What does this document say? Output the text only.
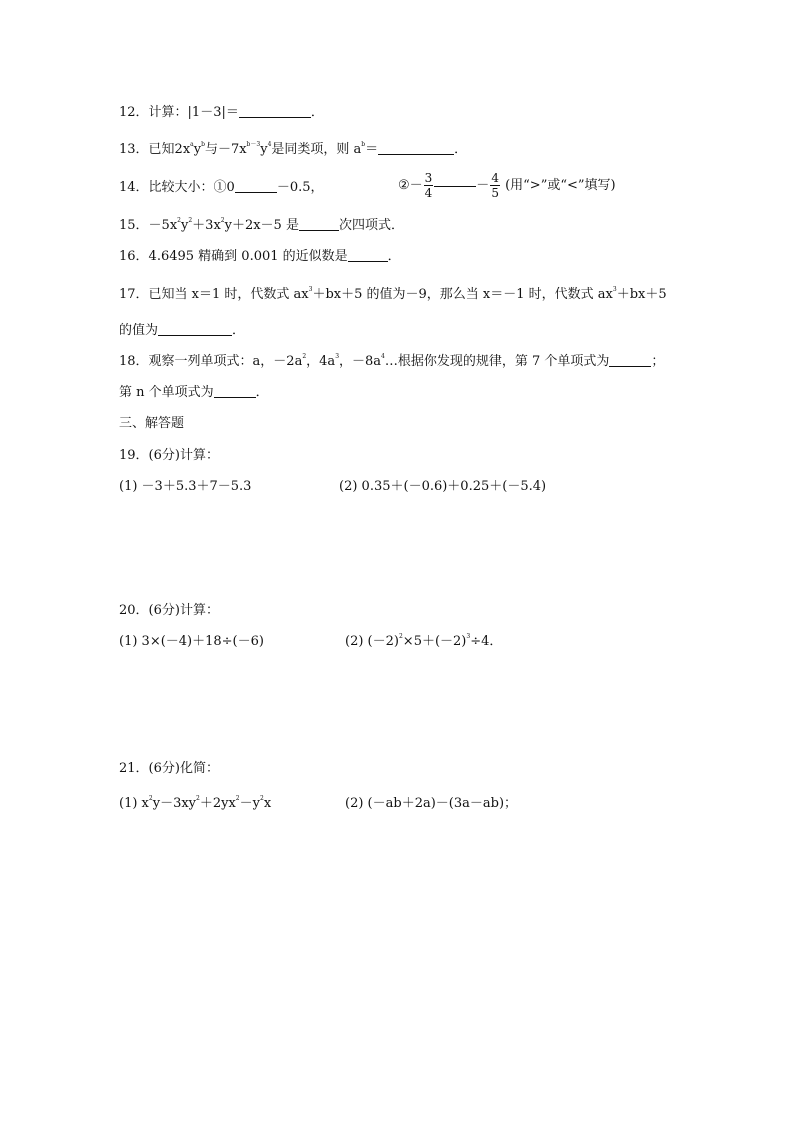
12．计算：|1－3|＝	．
13．已知$2x^ay^b$与$-7x^{b-3}y^4$是同类项，则 $a^b=$	．
14．比较大小：①0	－0.5，	②－ $\frac{3}{4}$	－ $\frac{4}{5}$ (用“>”或“<”填写)
15．$-5x^2y^2+3x^2y+2x-5$ 是	次四项式．
16．4.6495 精确到 0.001 的近似数是	．
17．已知当 x＝1 时，代数式 $ax^3+bx+5$ 的值为－9，那么当 x＝－1 时，代数式 $ax^3+bx+5$
的值为	．
18．观察一列单项式：a，$-2a^2$，$4a^3$，$-8a^4\dots$根据你发现的规律，第 7 个单项式为	；
第 n 个单项式为	．
三、解答题
19．(6分)计算：
(1) －3＋5.3＋7－5.3	(2) 0.35＋(－0.6)＋0.25＋(－5.4)
20．(6分)计算：
(1) 3×(－4)＋18÷(－6)	(2) $(-2)^2\times 5+(-2)^3\div 4$．
21．(6分)化简：
(1) $x^2y-3xy^2+2yx^2-y^2x$	(2) (－ab＋2a)－(3a－ab)；
